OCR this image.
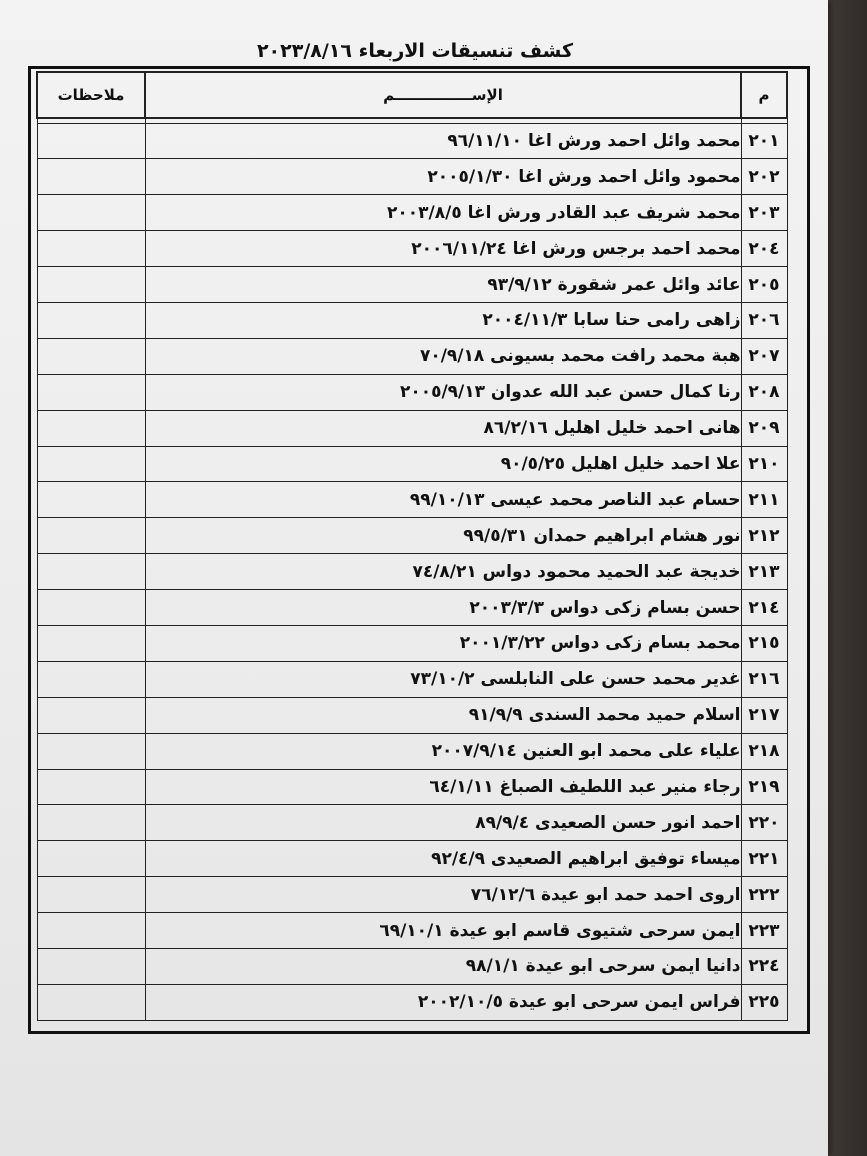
كشف تنسيقات الاربعاء ٢٠٢٣/٨/١٦
م	الإســـــــــــــــم	ملاحظات

٢٠١	محمد وائل احمد ورش اغا ٩٦/١١/١٠	
٢٠٢	محمود وائل احمد ورش اغا ٢٠٠٥/١/٣٠	
٢٠٣	محمد شريف عبد القادر ورش اغا ٢٠٠٣/٨/٥	
٢٠٤	محمد احمد برجس ورش اغا ٢٠٠٦/١١/٢٤	
٢٠٥	عائد وائل عمر شقورة ٩٣/٩/١٢	
٢٠٦	زاهى رامى حنا سابا ٢٠٠٤/١١/٣	
٢٠٧	هبة محمد رافت محمد بسيونى ٧٠/٩/١٨	
٢٠٨	رنا كمال حسن عبد الله عدوان ٢٠٠٥/٩/١٣	
٢٠٩	هانى احمد خليل اهليل ٨٦/٢/١٦	
٢١٠	علا احمد خليل اهليل ٩٠/٥/٢٥	
٢١١	حسام عبد الناصر محمد عيسى ٩٩/١٠/١٣	
٢١٢	نور هشام ابراهيم حمدان ٩٩/٥/٣١	
٢١٣	خديجة عبد الحميد محمود دواس ٧٤/٨/٢١	
٢١٤	حسن بسام زكى دواس ٢٠٠٣/٣/٣	
٢١٥	محمد بسام زكى دواس ٢٠٠١/٣/٢٢	
٢١٦	غدير محمد حسن على النابلسى ٧٣/١٠/٢	
٢١٧	اسلام حميد محمد السندى ٩١/٩/٩	
٢١٨	علياء على محمد ابو العنين ٢٠٠٧/٩/١٤	
٢١٩	رجاء منير عبد اللطيف الصباغ ٦٤/١/١١	
٢٢٠	احمد انور حسن الصعيدى ٨٩/٩/٤	
٢٢١	ميساء توفيق ابراهيم الصعيدى ٩٢/٤/٩	
٢٢٢	اروى احمد حمد ابو عيدة ٧٦/١٢/٦	
٢٢٣	ايمن سرحى شتيوى قاسم ابو عيدة ٦٩/١٠/١	
٢٢٤	دانيا ايمن سرحى ابو عيدة ٩٨/١/١	
٢٢٥	فراس ايمن سرحى ابو عيدة ٢٠٠٢/١٠/٥	
